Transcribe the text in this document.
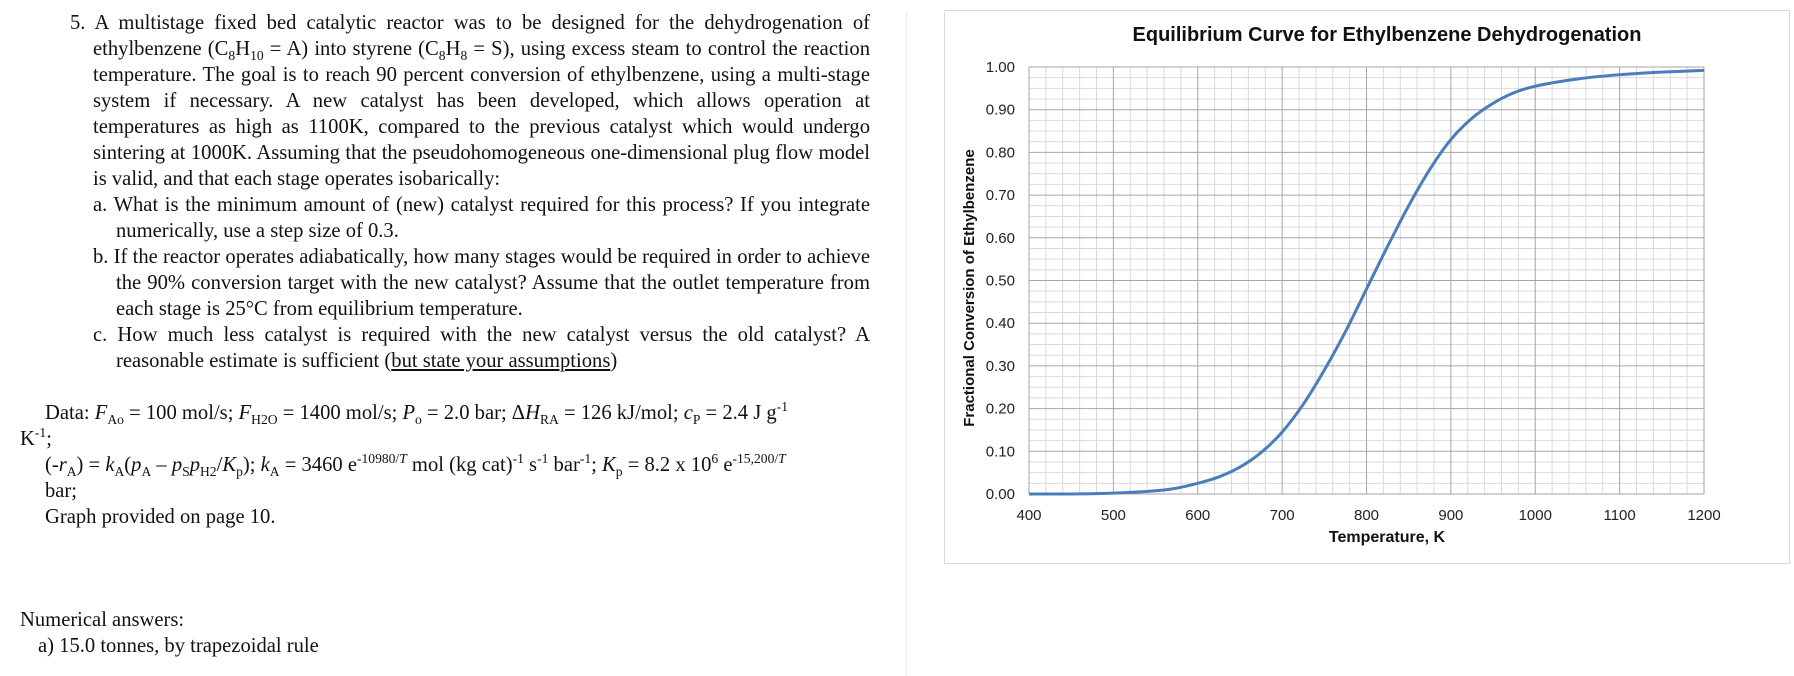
5. A multistage fixed bed catalytic reactor was to be designed for the dehydrogenation of ethylbenzene $(C_8H_{10} = A)$ into styrene $(C_8H_8 = S)$, using excess steam to control the reaction temperature. The goal is to reach 90 percent conversion of ethylbenzene, using a multi-stage system if necessary. A new catalyst has been developed, which allows operation at temperatures as high as 1100K, compared to the previous catalyst which would undergo sintering at 1000K. Assuming that the pseudohomogeneous one-dimensional plug flow model is valid, and that each stage operates isobarically:

a. What is the minimum amount of (new) catalyst required for this process? If you integrate numerically, use a step size of 0.3.

b. If the reactor operates adiabatically, how many stages would be required in order to achieve the 90% conversion target with the new catalyst? Assume that the outlet temperature from each stage is 25°C from equilibrium temperature.

c. How much less catalyst is required with the new catalyst versus the old catalyst? A reasonable estimate is sufficient (but state your assumptions)

Data: $F_{Ao} = 100$ mol/s; $F_{H2O} = 1400$ mol/s; $P_o = 2.0$ bar; $\Delta H_{RA} = 126$ kJ/mol; $c_P = 2.4$ J $g^{-1}$

$K^{-1}$;

$(-r_A) = k_A(p_A - p_Sp_{H2}/K_p)$; $k_A = 3460$ $e^{-10980/T}$ mol (kg cat)$^{-1}$ $s^{-1}$ bar$^{-1}$; $K_p = 8.2$ x $10^6$ $e^{-15,200/T}$

bar;

Graph provided on page 10.

Numerical answers:

a) 15.0 tonnes, by trapezoidal rule

Equilibrium Curve for Ethylbenzene Dehydrogenation
0.00
0.10
0.20
0.30
0.40
0.50
0.60
0.70
0.80
0.90
1.00
400	500	600	700	800	900	1000	1100	1200
Temperature, K
Fractional Conversion of Ethylbenzene
